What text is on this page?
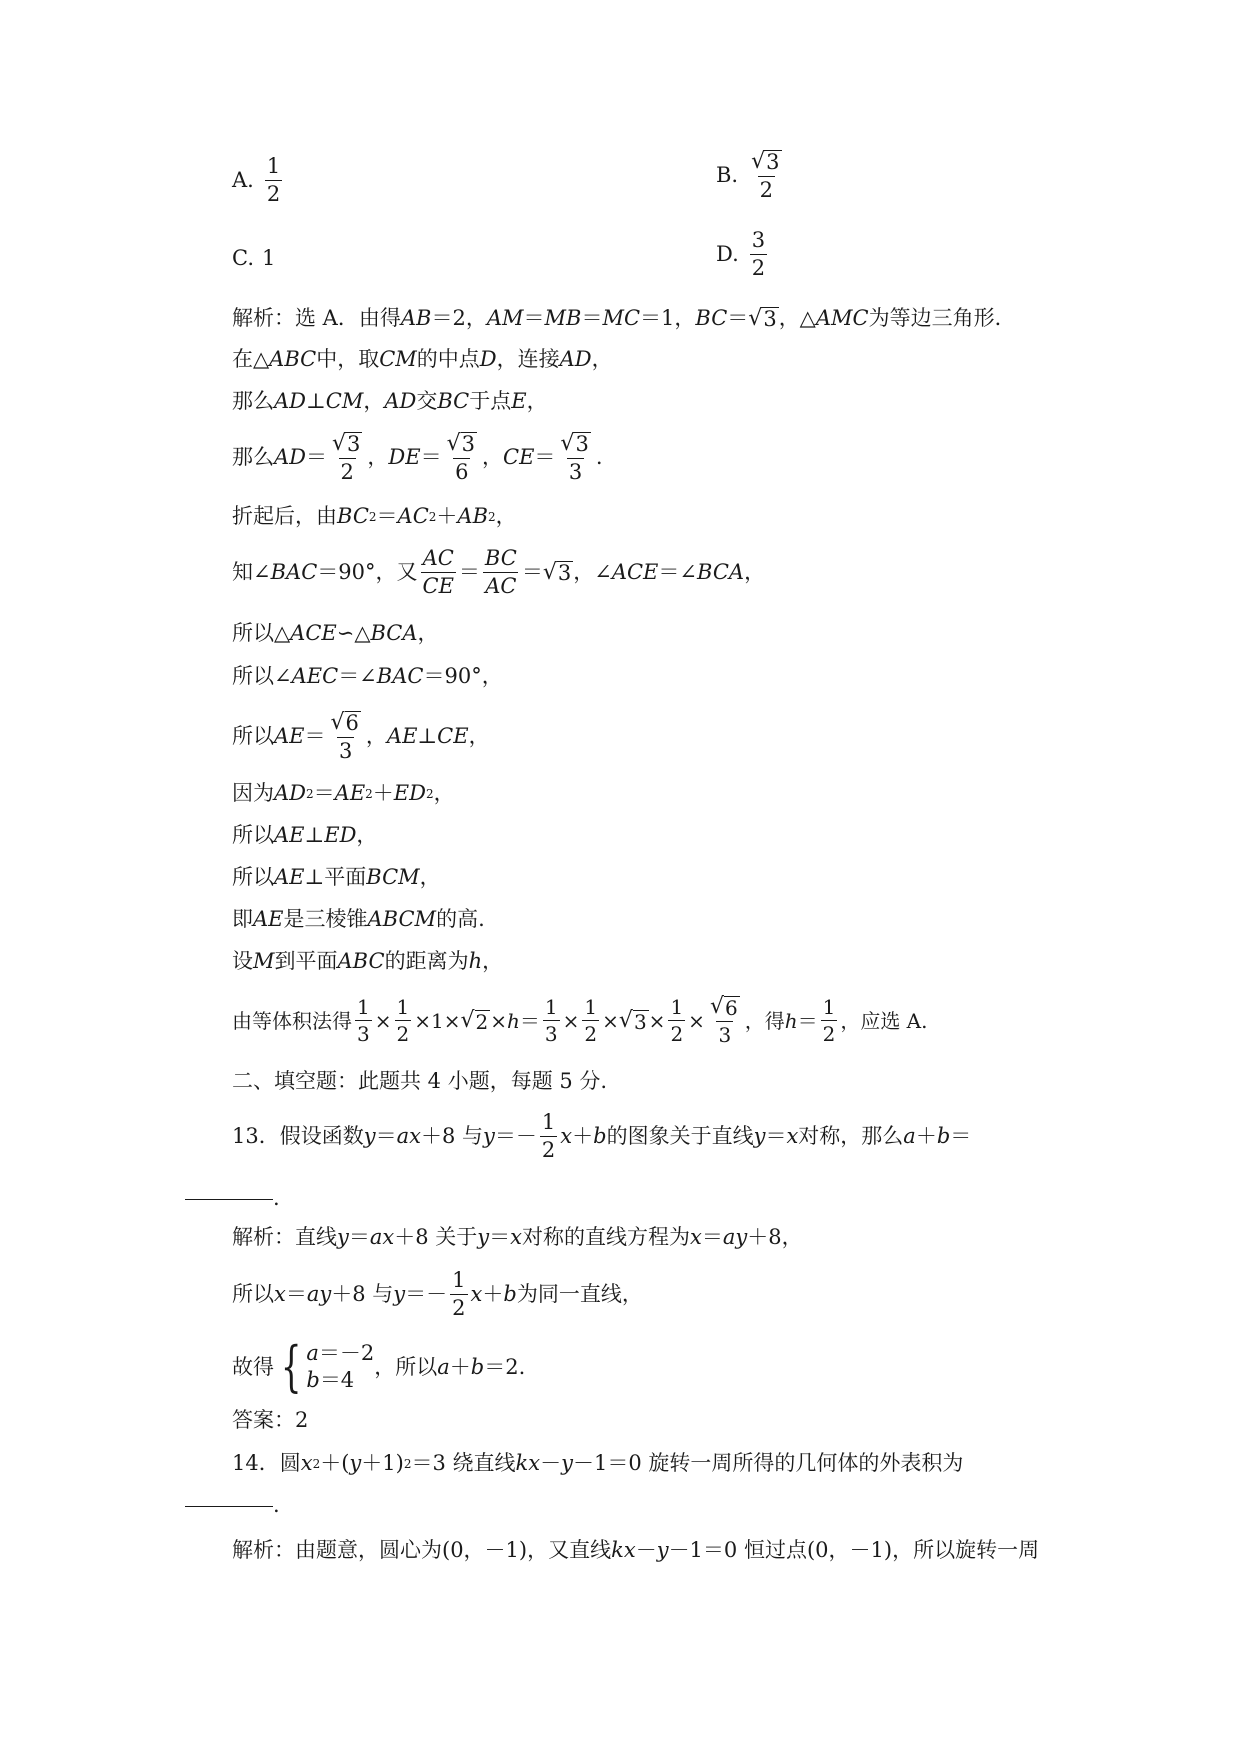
A. $\frac{1}{2}$	B. $\frac{√ 3}{2}$
C. 1	D. $\frac{3}{2}$
解析：选 A．由得 AB ＝2， AM ＝ MB ＝ MC ＝1， BC ＝ √ 3 ，△ AMC 为等边三角形．
在△ ABC 中，取 CM 的中点 D ，连接 AD ，
那么 AD ⊥ CM ， AD 交 BC 于点 E ，
那么 AD ＝ $\frac{√ 3}{2}$ ， DE ＝ $\frac{√ 3}{6}$ ， CE ＝ $\frac{√ 3}{3}$ .
折起后，由 BC 2 ＝ AC 2 ＋ AB 2 ，
知∠ BAC ＝90°，又 $\frac{AC}{CE} = \frac{BC}{AC}$ ＝ √ 3 ，∠ ACE ＝∠ BCA ，
所以△ ACE ∽△ BCA ，
所以∠ AEC ＝∠ BAC ＝90°，
所以 AE ＝ $\frac{√ 6}{3}$ ， AE ⊥ CE ，
因为 AD 2 ＝ AE 2 ＋ ED 2 ，
所以 AE ⊥ ED ，
所以 AE ⊥平面 BCM ，
即 AE 是三棱锥 A BCM 的高.
设 M 到平面 ABC 的距离为 h ，
由等体积法得 $\frac{1}{3} \times \frac{1}{2} \times 1\times$ √ $2 \times h = \frac{1}{3} \times \frac{1}{2}$ × √ $3 \times \frac{1}{2} \times \frac{√ 6}{3}$ ，得 $h = \frac{1}{2}$ ，应选 A.
二、填空题：此题共 4 小题，每题 5 分.
13．假设函数 y ＝ ax ＋8 与 $y =- \frac{1}{2}$ x ＋ b 的图象关于直线 y ＝ x 对称，那么 a ＋ b ＝
.
解析：直线 y ＝ ax ＋8 关于 y ＝ x 对称的直线方程为 x ＝ ay ＋8，
所以 x ＝ ay ＋8 与 $y =- \frac{1}{2}$ x ＋ b 为同一直线，
故得 { a＝－2
b＝4
，所以 a ＋ b ＝2.
答案：2
14．圆 x 2 ＋( y ＋1) 2 ＝3 绕直线 kx － y －1＝0 旋转一周所得的几何体的外表积为
.
解析：由题意，圆心为(0，－1)，又直线 kx － y －1＝0 恒过点(0，－1)，所以旋转一周
